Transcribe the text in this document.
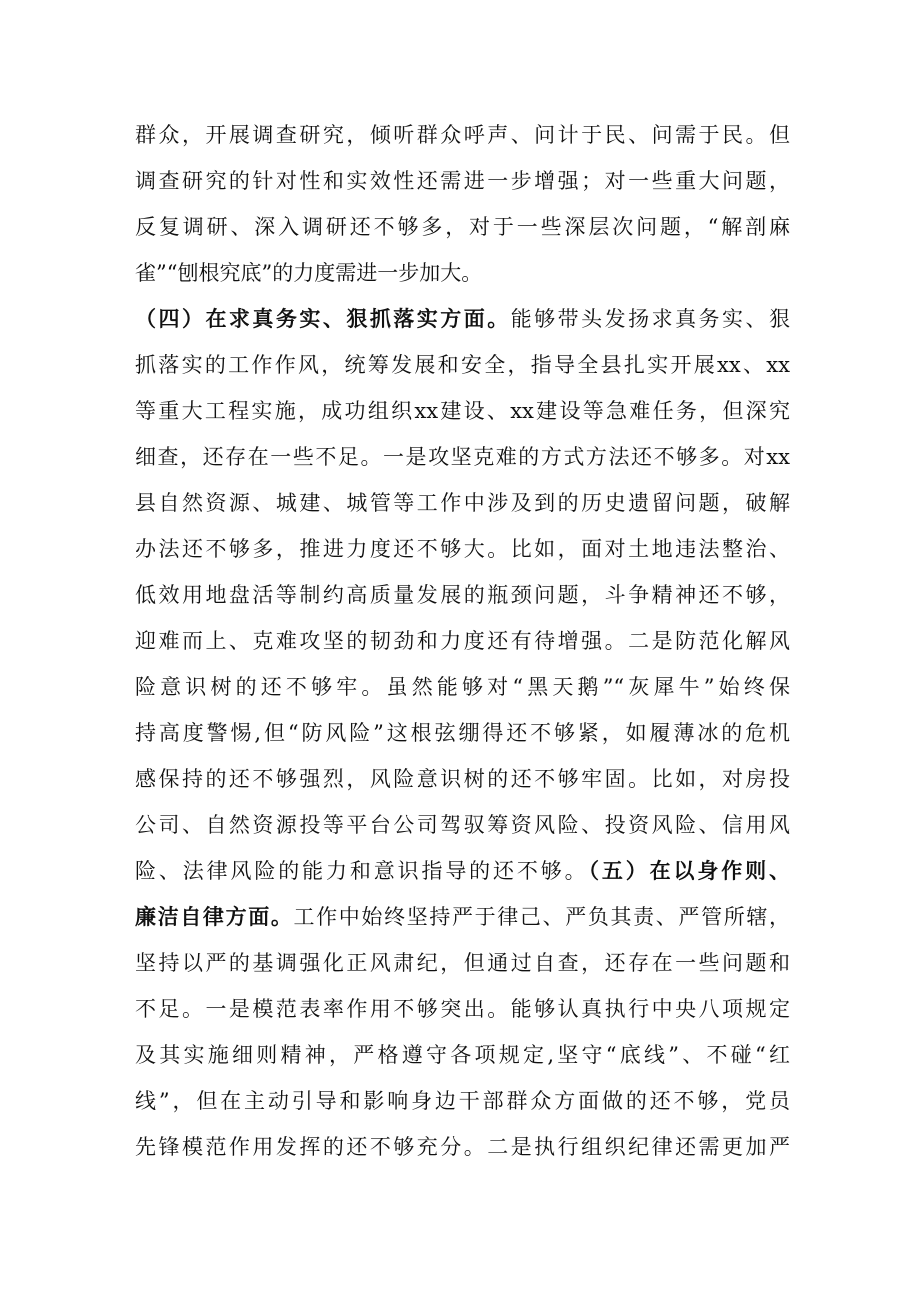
群众，开展调查研究，倾听群众呼声、问计于民、问需于民。但
调查研究的针对性和实效性还需进一步增强；对一些重大问题，
反复调研、深入调研还不够多，对于一些深层次问题，“解剖麻
雀”“刨根究底”的力度需进一步加大。
（四）在求真务实、狠抓落实方面。能够带头发扬求真务实、狠
抓落实的工作作风，统筹发展和安全，指导全县扎实开展xx、xx
等重大工程实施，成功组织xx建设、xx建设等急难任务，但深究
细查，还存在一些不足。一是攻坚克难的方式方法还不够多。对xx
县自然资源、城建、城管等工作中涉及到的历史遗留问题，破解
办法还不够多，推进力度还不够大。比如，面对土地违法整治、
低效用地盘活等制约高质量发展的瓶颈问题，斗争精神还不够，
迎难而上、克难攻坚的韧劲和力度还有待增强。二是防范化解风
险意识树的还不够牢。虽然能够对“黑天鹅”“灰犀牛”始终保
持高度警惕,但“防风险”这根弦绷得还不够紧，如履薄冰的危机
感保持的还不够强烈，风险意识树的还不够牢固。比如，对房投
公司、自然资源投等平台公司驾驭筹资风险、投资风险、信用风
险、法律风险的能力和意识指导的还不够。（五）在以身作则、
廉洁自律方面。工作中始终坚持严于律己、严负其责、严管所辖，
坚持以严的基调强化正风肃纪，但通过自查，还存在一些问题和
不足。一是模范表率作用不够突出。能够认真执行中央八项规定
及其实施细则精神，严格遵守各项规定,坚守“底线”、不碰“红
线”，但在主动引导和影响身边干部群众方面做的还不够，党员
先锋模范作用发挥的还不够充分。二是执行组织纪律还需更加严
